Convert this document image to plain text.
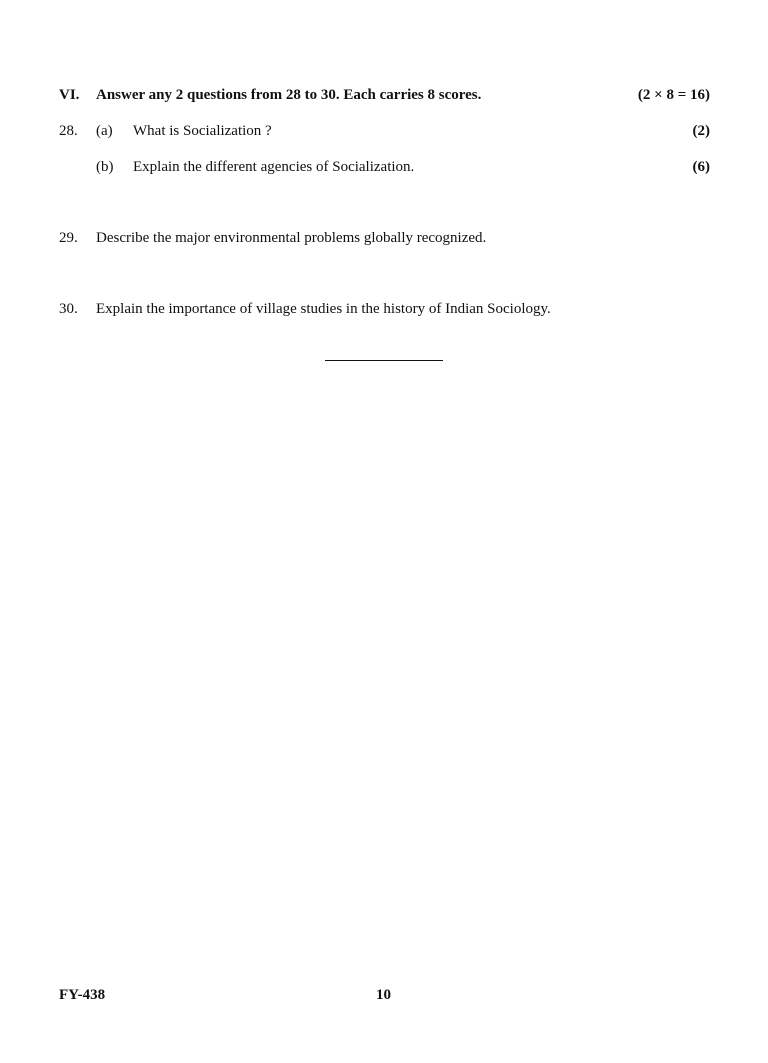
VI. Answer any 2 questions from 28 to 30. Each carries 8 scores.	(2 × 8 = 16)
28. (a) What is Socialization ?	(2)
(b) Explain the different agencies of Socialization.	(6)
29. Describe the major environmental problems globally recognized.
30. Explain the importance of village studies in the history of Indian Sociology.
FY-438	10
